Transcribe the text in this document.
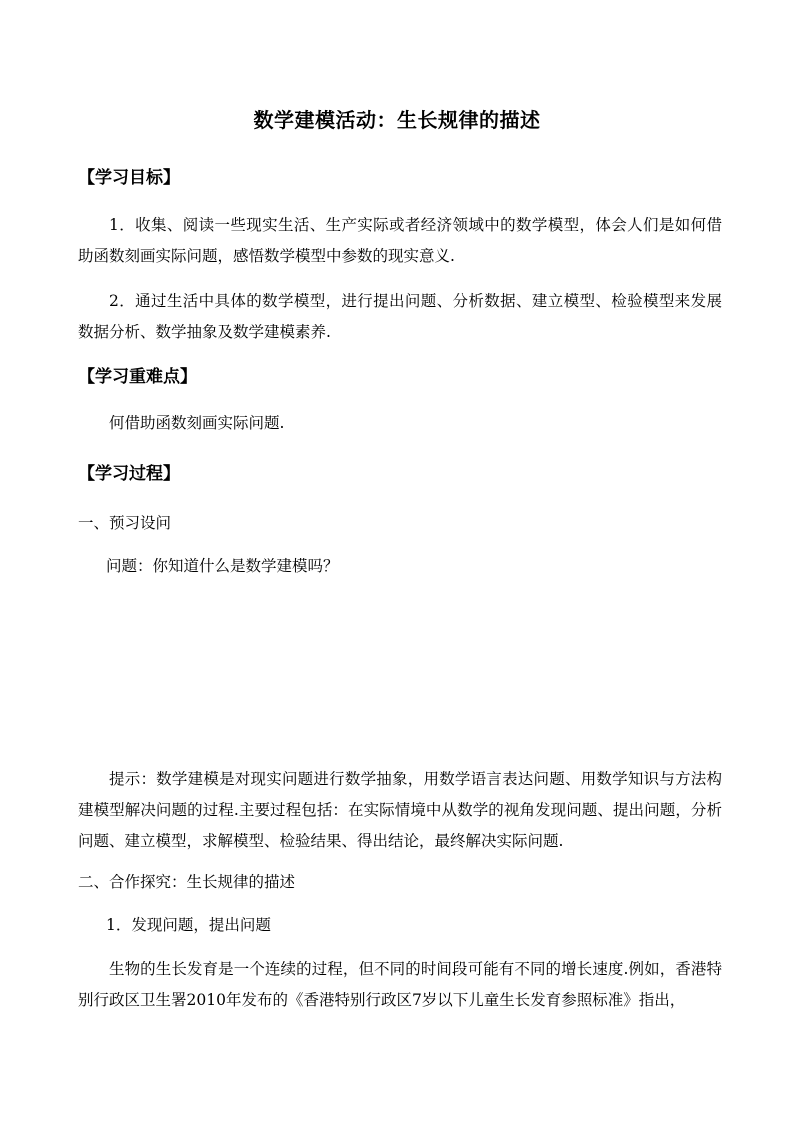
数学建模活动：生长规律的描述
【学习目标】
1．收集、阅读一些现实生活、生产实际或者经济领域中的数学模型，体会人们是如何借助函数刻画实际问题，感悟数学模型中参数的现实意义.
2．通过生活中具体的数学模型，进行提出问题、分析数据、建立模型、检验模型来发展数据分析、数学抽象及数学建模素养.
【学习重难点】
何借助函数刻画实际问题.
【学习过程】
一、预习设问
问题：你知道什么是数学建模吗？
提示：数学建模是对现实问题进行数学抽象，用数学语言表达问题、用数学知识与方法构建模型解决问题的过程.主要过程包括：在实际情境中从数学的视角发现问题、提出问题，分析问题、建立模型，求解模型、检验结果、得出结论，最终解决实际问题.
二、合作探究：生长规律的描述
1．发现问题，提出问题
生物的生长发育是一个连续的过程，但不同的时间段可能有不同的增长速度.例如，香港特别行政区卫生署2010年发布的《香港特别行政区7岁以下儿童生长发育参照标准》指出，
